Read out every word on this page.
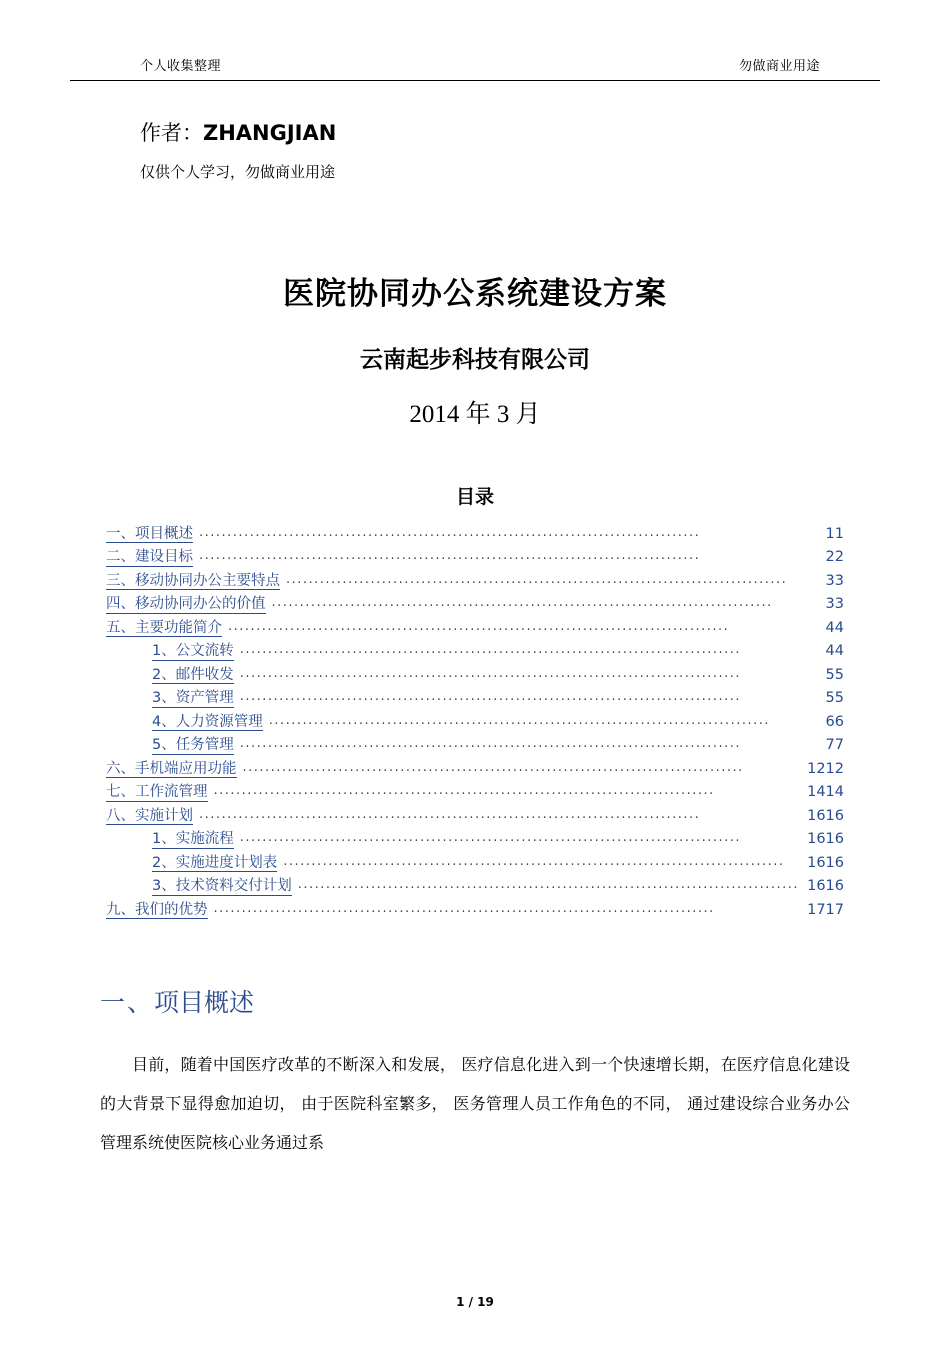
个人收集整理	勿做商业用途
作者：ZHANGJIAN
仅供个人学习，勿做商业用途
医院协同办公系统建设方案
云南起步科技有限公司
2014 年 3 月
目录
一、项目概述 .........................................................................................	11
二、建设目标 .........................................................................................	22
三、移动协同办公主要特点 .........................................................................................	33
四、移动协同办公的价值 .........................................................................................	33
五、主要功能简介 .........................................................................................	44
1、公文流转 .........................................................................................	44
2、邮件收发 .........................................................................................	55
3、资产管理 .........................................................................................	55
4、人力资源管理 .........................................................................................	66
5、任务管理 .........................................................................................	77
六、手机端应用功能 .........................................................................................	1212
七、工作流管理 .........................................................................................	1414
八、实施计划 .........................................................................................	1616
1、实施流程 .........................................................................................	1616
2、实施进度计划表 .........................................................................................	1616
3、技术资料交付计划 ......................................................................................... 1616
九、我们的优势 .........................................................................................	1717
一、项目概述
目前，随着中国医疗改革的不断深入和发展， 医疗信息化进入到一个快速增长期，在医疗信息化建设的大背景下显得愈加迫切， 由于医院科室繁多， 医务管理人员工作角色的不同， 通过建设综合业务办公管理系统使医院核心业务通过系
1 / 19
